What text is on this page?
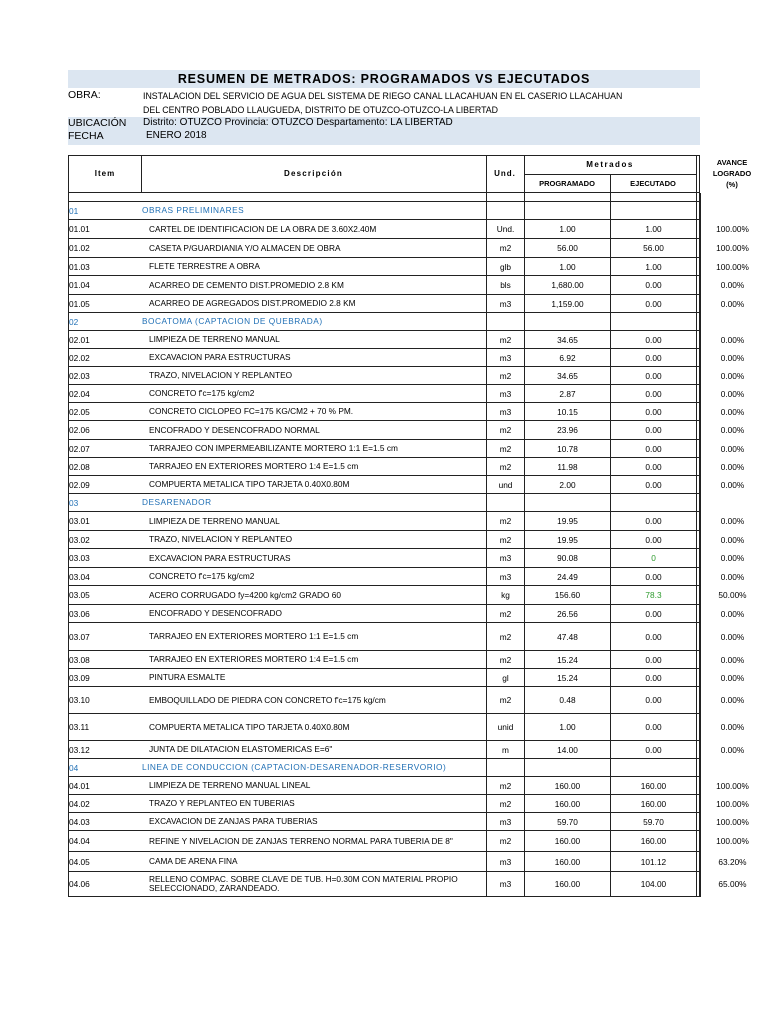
RESUMEN DE METRADOS: PROGRAMADOS VS EJECUTADOS
OBRA:	INSTALACION DEL SERVICIO DE AGUA DEL SISTEMA DE RIEGO CANAL LLACAHUAN EN EL CASERIO LLACAHUAN
DEL CENTRO POBLADO LLAUGUEDA, DISTRITO DE OTUZCO-OTUZCO-LA LIBERTAD
UBICACIÓN Distrito: OTUZCO Provincia: OTUZCO Despartamento: LA LIBERTAD
FECHA	ENERO 2018
Item	Descripción	Und.
Metrados
PROGRAMADO	EJECUTADO
AVANCE
LOGRADO
(%)
01	OBRAS PRELIMINARES
01.01	CARTEL DE IDENTIFICACION DE LA OBRA DE 3.60X2.40M	Und.	1.00	1.00	100.00%
01.02	CASETA P/GUARDIANIA Y/O ALMACEN DE OBRA	m2	56.00	56.00	100.00%
01.03	FLETE TERRESTRE A OBRA	glb	1.00	1.00	100.00%
01.04	ACARREO DE CEMENTO DIST.PROMEDIO 2.8 KM	bls	1,680.00	0.00	0.00%
01.05	ACARREO DE AGREGADOS DIST.PROMEDIO 2.8 KM	m3	1,159.00	0.00	0.00%
02	BOCATOMA (CAPTACION DE QUEBRADA)
02.01	LIMPIEZA DE TERRENO MANUAL	m2	34.65	0.00	0.00%
02.02	EXCAVACION PARA ESTRUCTURAS	m3	6.92	0.00	0.00%
02.03	TRAZO, NIVELACION Y REPLANTEO	m2	34.65	0.00	0.00%
02.04	CONCRETO f'c=175 kg/cm2	m3	2.87	0.00	0.00%
02.05	CONCRETO CICLOPEO FC=175 KG/CM2 + 70 % PM.	m3	10.15	0.00	0.00%
02.06	ENCOFRADO Y DESENCOFRADO NORMAL	m2	23.96	0.00	0.00%
02.07	TARRAJEO CON IMPERMEABILIZANTE MORTERO 1:1 E=1.5 cm	m2	10.78	0.00	0.00%
02.08	TARRAJEO EN EXTERIORES MORTERO 1:4 E=1.5 cm	m2	11.98	0.00	0.00%
02.09	COMPUERTA METALICA TIPO TARJETA 0.40X0.80M	und	2.00	0.00	0.00%
03	DESARENADOR
03.01	LIMPIEZA DE TERRENO MANUAL	m2	19.95	0.00	0.00%
03.02	TRAZO, NIVELACION Y REPLANTEO	m2	19.95	0.00	0.00%
03.03	EXCAVACION PARA ESTRUCTURAS	m3	90.08	0	0.00%
03.04	CONCRETO f'c=175 kg/cm2	m3	24.49	0.00	0.00%
03.05	ACERO CORRUGADO fy=4200 kg/cm2 GRADO 60	kg	156.60	78.3	50.00%
03.06	ENCOFRADO Y DESENCOFRADO	m2	26.56	0.00	0.00%
03.07	TARRAJEO EN EXTERIORES MORTERO 1:1 E=1.5 cm	m2	47.48	0.00	0.00%
03.08	TARRAJEO EN EXTERIORES MORTERO 1:4 E=1.5 cm	m2	15.24	0.00	0.00%
03.09	PINTURA ESMALTE	gl	15.24	0.00	0.00%
03.10	EMBOQUILLADO DE PIEDRA CON CONCRETO f'c=175 kg/cm	m2	0.48	0.00	0.00%
03.11	COMPUERTA METALICA TIPO TARJETA 0.40X0.80M	unid	1.00	0.00	0.00%
03.12	JUNTA DE DILATACION ELASTOMERICAS E=6"	m	14.00	0.00	0.00%
04	LINEA DE CONDUCCION (CAPTACION-DESARENADOR-RESERVORIO)
04.01	LIMPIEZA DE TERRENO MANUAL LINEAL	m2	160.00	160.00	100.00%
04.02	TRAZO Y REPLANTEO EN TUBERIAS	m2	160.00	160.00	100.00%
04.03	EXCAVACION DE ZANJAS PARA TUBERIAS	m3	59.70	59.70	100.00%
04.04	REFINE Y NIVELACION DE ZANJAS TERRENO NORMAL PARA TUBERIA DE 8"	m2	160.00	160.00	100.00%
04.05	CAMA DE ARENA FINA	m3	160.00	101.12	63.20%
04.06	RELLENO COMPAC. SOBRE CLAVE DE TUB. H=0.30M CON MATERIAL PROPIO SELECCIONADO, ZARANDEADO.	m3	160.00	104.00	65.00%
